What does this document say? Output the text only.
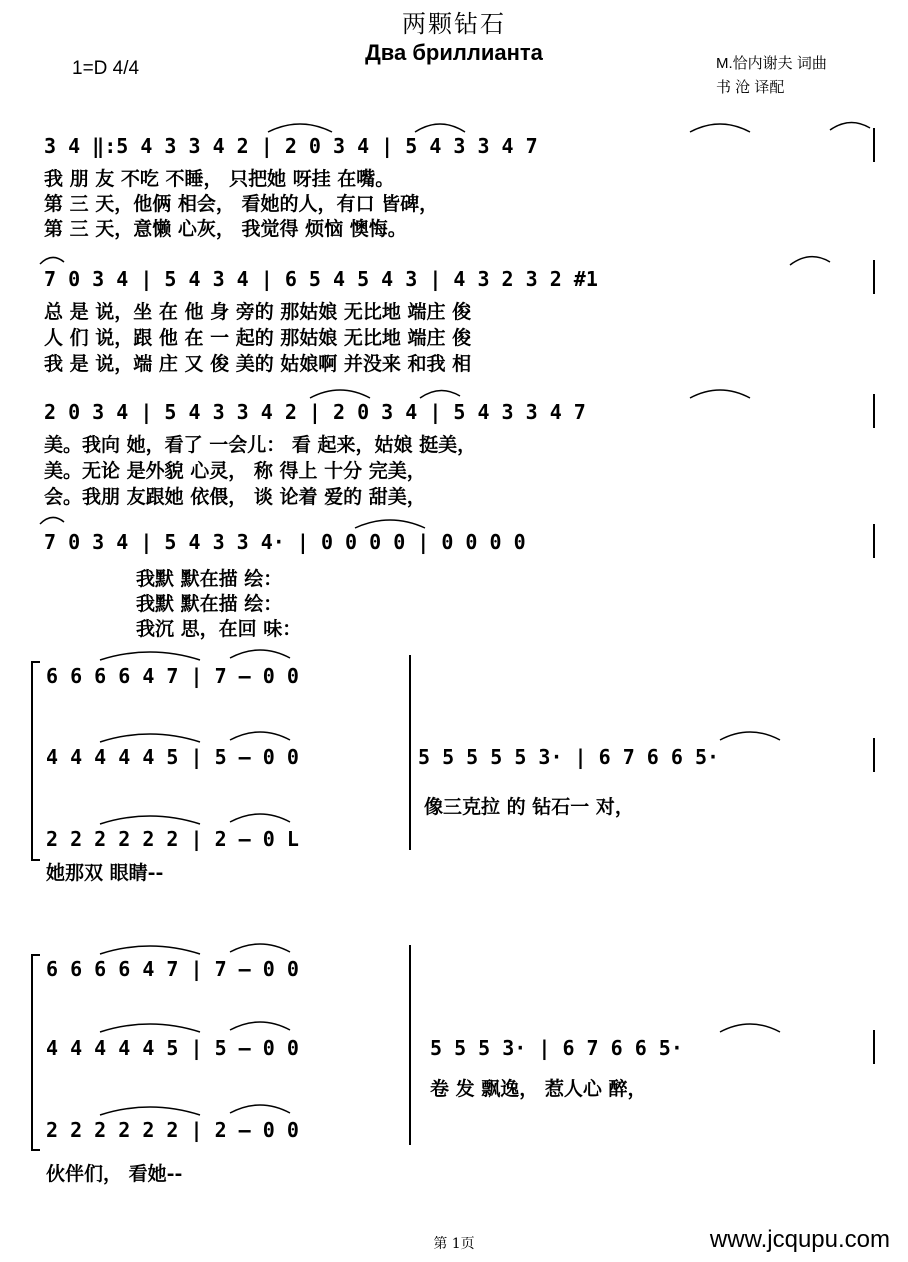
两颗钻石
Два бриллианта
1=D 4/4	M.恰内谢夫 词曲
书 沧 译配
3 4 ‖:5 4 3 3 4 2 | 2 0 3 4 | 5 4 3 3 4 7
我 朋 友 不吃 不睡， 只把她 呀挂 在嘴。
第 三 天，他俩 相会， 看她的人，有口 皆碑，
第 三 天，意懒 心灰， 我觉得 烦恼 懊悔。
7 0 3 4 | 5 4 3 4 | 6 5 4 5 4 3 | 4 3 2 3 2 #1
总 是 说，坐 在 他 身 旁的 那姑娘 无比地 端庄 俊
人 们 说，跟 他 在 一 起的 那姑娘 无比地 端庄 俊
我 是 说，端 庄 又 俊 美的 姑娘啊 并没来 和我 相
2 0 3 4 | 5 4 3 3 4 2 | 2 0 3 4 | 5 4 3 3 4 7
美。我向 她，看了 一会儿： 看 起来，姑娘 挺美，
美。无论 是外貌 心灵， 称 得上 十分 完美，
会。我朋 友跟她 依偎， 谈 论着 爱的 甜美，
7 0 3 4 | 5 4 3 3 4· | 0 0 0 0 | 0 0 0 0
我默 默在描 绘：
我默 默在描 绘：
我沉 思，在回 味：
6 6 6 6 4 7 | 7 — 0 0
4 4 4 4 4 5 | 5 — 0 0	5 5 5 5 5 3· | 6 7 6 6 5·
像三克拉 的 钻石一 对，
2 2 2 2 2 2 | 2 — 0 L
她那双 眼睛--
6 6 6 6 4 7 | 7 — 0 0
4 4 4 4 4 5 | 5 — 0 0	5 5 5 3· | 6 7 6 6 5·
卷 发 飘逸， 惹人心 醉，
2 2 2 2 2 2 | 2 — 0 0
伙伴们， 看她--
第 1页	www.jcqupu.com
